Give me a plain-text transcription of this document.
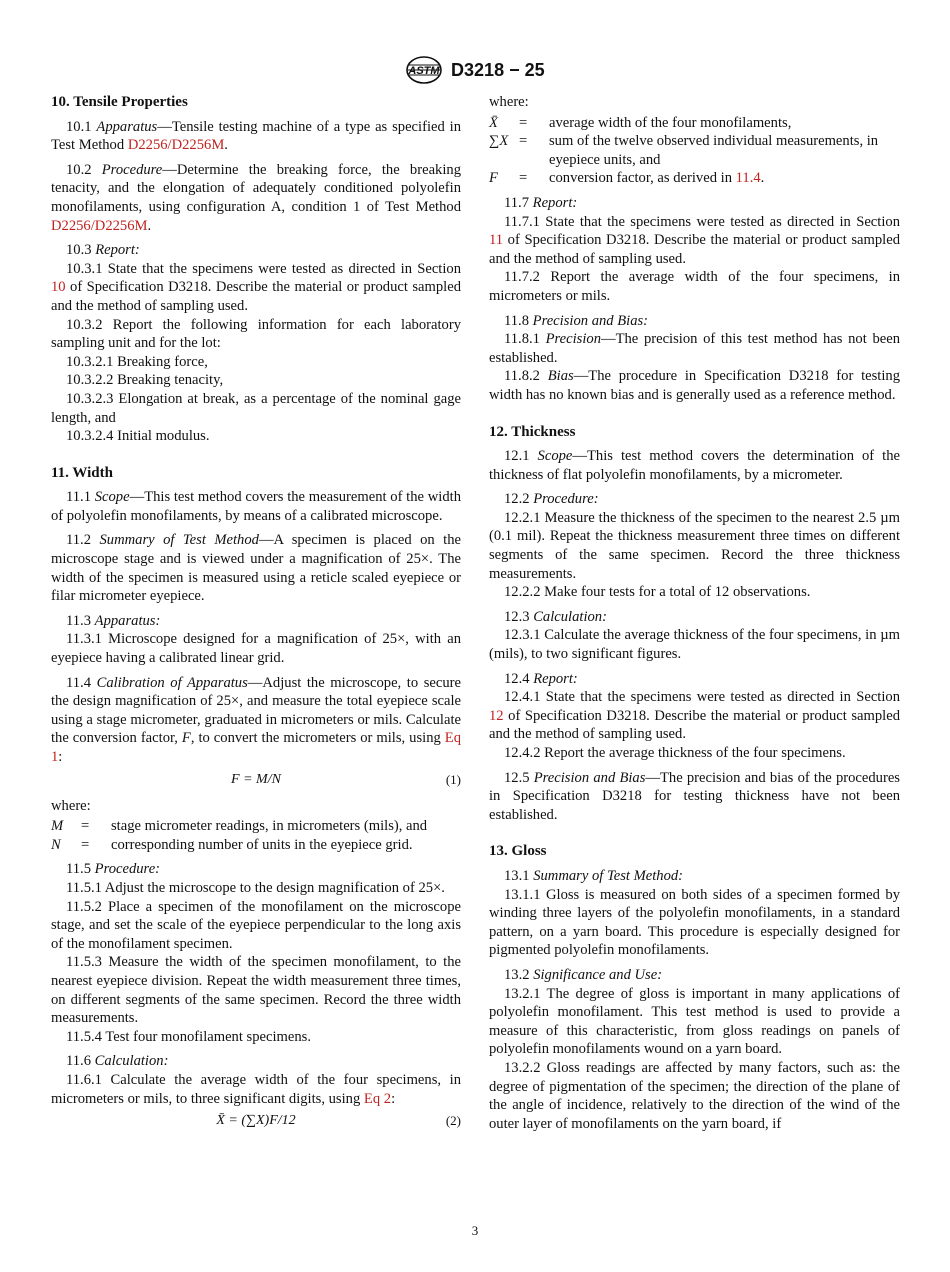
ASTM D3218 − 25
10. Tensile Properties

10.1 Apparatus—Tensile testing machine of a type as specified in Test Method D2256/D2256M.

10.2 Procedure—Determine the breaking force, the breaking tenacity, and the elongation of adequately conditioned polyolefin monofilaments, using configuration A, condition 1 of Test Method D2256/D2256M.

10.3 Report:

10.3.1 State that the specimens were tested as directed in Section 10 of Specification D3218. Describe the material or product sampled and the method of sampling used.

10.3.2 Report the following information for each laboratory sampling unit and for the lot:

10.3.2.1 Breaking force,

10.3.2.2 Breaking tenacity,

10.3.2.3 Elongation at break, as a percentage of the nominal gage length, and

10.3.2.4 Initial modulus.

11. Width

11.1 Scope—This test method covers the measurement of the width of polyolefin monofilaments, by means of a calibrated microscope.

11.2 Summary of Test Method—A specimen is placed on the microscope stage and is viewed under a magnification of 25×. The width of the specimen is measured using a reticle scaled eyepiece or filar micrometer eyepiece.

11.3 Apparatus:

11.3.1 Microscope designed for a magnification of 25×, with an eyepiece having a calibrated linear grid.

11.4 Calibration of Apparatus—Adjust the microscope, to secure the design magnification of 25×, and measure the total eyepiece scale using a stage micrometer, graduated in micrometers or mils. Calculate the conversion factor, F, to convert the micrometers or mils, using Eq 1:

F = M/N	(1)

where:

M	=	stage micrometer readings, in micrometers (mils), and
N	=	corresponding number of units in the eyepiece grid.

11.5 Procedure:

11.5.1 Adjust the microscope to the design magnification of 25×.

11.5.2 Place a specimen of the monofilament on the microscope stage, and set the scale of the eyepiece perpendicular to the long axis of the monofilament specimen.

11.5.3 Measure the width of the specimen monofilament, to the nearest eyepiece division. Repeat the width measurement three times, on different segments of the same specimen. Record the three width measurements.

11.5.4 Test four monofilament specimens.

11.6 Calculation:

11.6.1 Calculate the average width of the four specimens, in micrometers or mils, to three significant digits, using Eq 2:

X̄ = (∑X)F/12	(2)

where:

X̄	=	average width of the four monofilaments,
∑X =	sum of the twelve observed individual measurements, in eyepiece units, and
F	=	conversion factor, as derived in 11.4.

11.7 Report:

11.7.1 State that the specimens were tested as directed in Section 11 of Specification D3218. Describe the material or product sampled and the method of sampling used.

11.7.2 Report the average width of the four specimens, in micrometers or mils.

11.8 Precision and Bias:

11.8.1 Precision—The precision of this test method has not been established.

11.8.2 Bias—The procedure in Specification D3218 for testing width has no known bias and is generally used as a reference method.

12. Thickness

12.1 Scope—This test method covers the determination of the thickness of flat polyolefin monofilaments, by a micrometer.

12.2 Procedure:

12.2.1 Measure the thickness of the specimen to the nearest 2.5 µm (0.1 mil). Repeat the thickness measurement three times on different segments of the same specimen. Record the three thickness measurements.

12.2.2 Make four tests for a total of 12 observations.

12.3 Calculation:

12.3.1 Calculate the average thickness of the four specimens, in µm (mils), to two significant figures.

12.4 Report:

12.4.1 State that the specimens were tested as directed in Section 12 of Specification D3218. Describe the material or product sampled and the method of sampling used.

12.4.2 Report the average thickness of the four specimens.

12.5 Precision and Bias—The precision and bias of the procedures in Specification D3218 for testing thickness have not been established.

13. Gloss

13.1 Summary of Test Method:

13.1.1 Gloss is measured on both sides of a specimen formed by winding three layers of the polyolefin monofilaments, in a standard pattern, on a yarn board. This procedure is especially designed for pigmented polyolefin monofilaments.

13.2 Significance and Use:

13.2.1 The degree of gloss is important in many applications of polyolefin monofilament. This test method is used to provide a measure of this characteristic, from gloss readings on panels of polyolefin monofilaments wound on a yarn board.

13.2.2 Gloss readings are affected by many factors, such as: the degree of pigmentation of the specimen; the direction of the plane of the angle of incidence, relatively to the direction of the wind of the outer layer of monofilaments on the yarn board, if

3
